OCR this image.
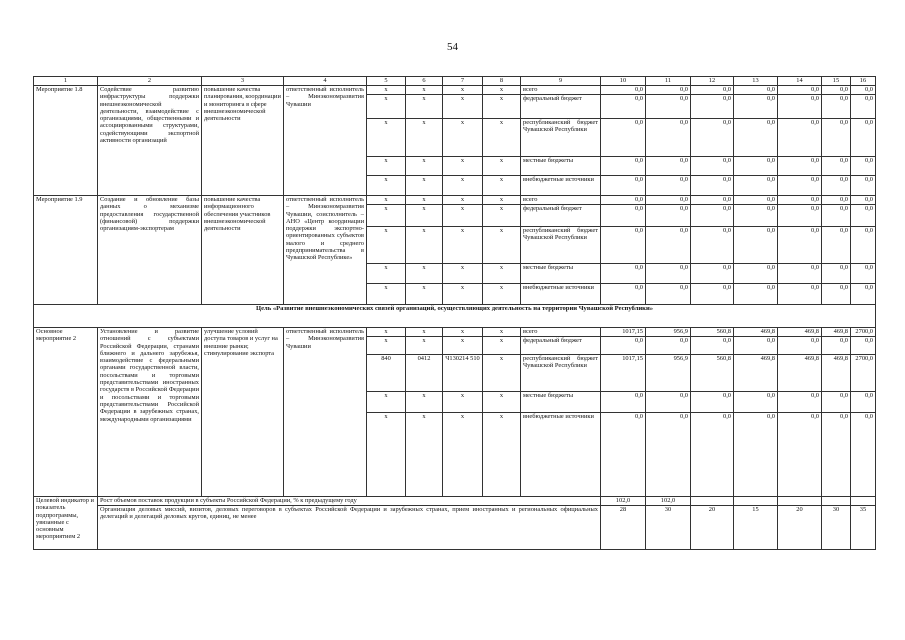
54
1	2	3	4	5	6	7	8	9	10	11	12	13	14	15	16
Мероприятие 1.8	Содействие развитию инфраструктуры поддержки внешнеэкономической деятельности, взаимодействие с организациями, общественными и ассоциированными структурами, содействующими экспортной активности организаций	повышение качества планирования, координации и мониторинга в сфере внешнеэкономической деятельности	ответственный исполнитель – Минэкономразвития Чувашии	x	x	x	x	всего	0,0	0,0	0,0	0,0	0,0	0,0	0,0
				x	x	x	x	федеральный бюджет	0,0	0,0	0,0	0,0	0,0	0,0	0,0
				x	x	x	x	республиканский бюджет Чувашской Республики	0,0	0,0	0,0	0,0	0,0	0,0	0,0
				x	x	x	x	местные бюджеты	0,0	0,0	0,0	0,0	0,0	0,0	0,0
				x	x	x	x	внебюджетные источники	0,0	0,0	0,0	0,0	0,0	0,0	0,0
Мероприятие 1.9	Создание и обновление базы данных о механизме предоставления государственной (финансовой) поддержки организациям-экспортерам	повышение качества информационного обеспечения участников внешнеэкономической деятельности	ответственный исполнитель – Минэкономразвития Чувашии, соисполнитель – АНО «Центр координации поддержки экспортно-ориентированных субъектов малого и среднего предпринимательства в Чувашской Республике»	x	x	x	x	всего	0,0	0,0	0,0	0,0	0,0	0,0	0,0
				x	x	x	x	федеральный бюджет	0,0	0,0	0,0	0,0	0,0	0,0	0,0
				x	x	x	x	республиканский бюджет Чувашской Республики	0,0	0,0	0,0	0,0	0,0	0,0	0,0
				x	x	x	x	местные бюджеты	0,0	0,0	0,0	0,0	0,0	0,0	0,0
				x	x	x	x	внебюджетные источники	0,0	0,0	0,0	0,0	0,0	0,0	0,0
Цель «Развитие внешнеэкономических связей организаций, осуществляющих деятельность на территории Чувашской Республики»															
Основное мероприятие 2	Установление и развитие отношений с субъектами Российской Федерации, странами ближнего и дальнего зарубежья, взаимодействие с федеральными органами государственной власти, посольствами и торговыми представительствами иностранных государств в Российской Федерации и посольствами и торговыми представительствами Российской Федерации в зарубежных странах, международными организациями	улучшение условий доступа товаров и услуг на внешние рынки; стимулирование экспорта	ответственный исполнитель – Минэкономразвития Чувашии	x	x	x	x	всего	1017,15	956,9	560,8	469,8	469,8	469,8	2700,0
				x	x	x	x	федеральный бюджет	0,0	0,0	0,0	0,0	0,0	0,0	0,0
				840	0412	Ч130214 510	x	республиканский бюджет Чувашской Республики	1017,15	956,9	560,8	469,8	469,8	469,8	2700,0
				x	x	x	x	местные бюджеты	0,0	0,0	0,0	0,0	0,0	0,0	0,0
				x	x	x	x	внебюджетные источники	0,0	0,0	0,0	0,0	0,0	0,0	0,0
Целевой индикатор и показатель подпрограммы, увязанные с основным мероприятием 2	Рост объемов поставок продукции в субъекты Российской Федерации, % к предыдущему году								102,0	102,0					
	Организация деловых миссий, визитов, деловых переговоров в субъектах Российской Федерации и зарубежных странах, прием иностранных и региональных официальных делегаций и делегаций деловых кругов, единиц, не менее								28	30	20	15	20	30	35
